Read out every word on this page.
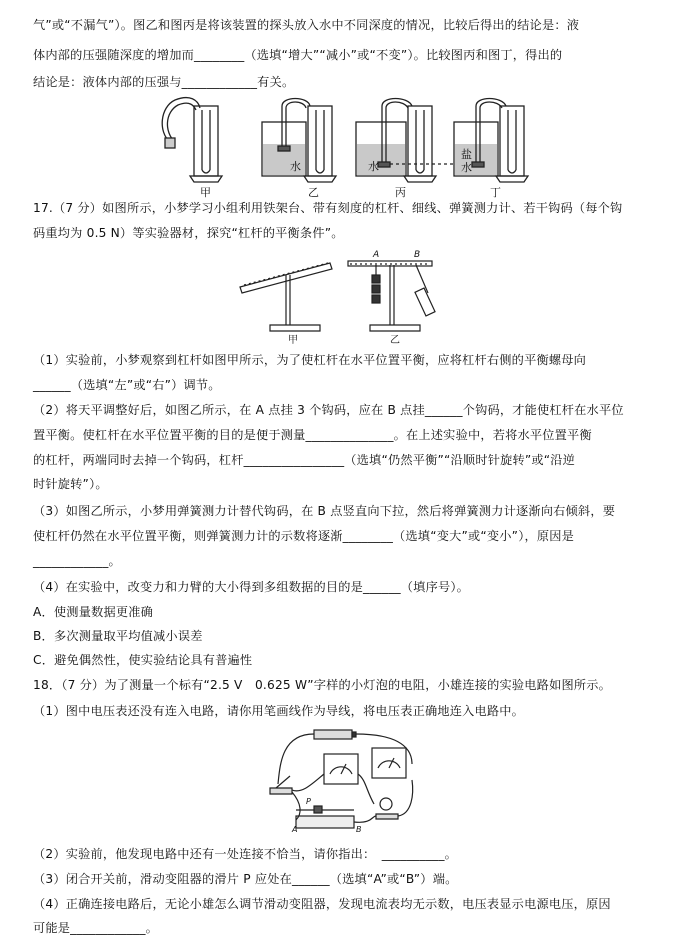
气”或“不漏气”）。图乙和图丙是将该装置的探头放入水中不同深度的情况，比较后得出的结论是：液
体内部的压强随深度的增加而________（选填“增大”“减小”或“不变”）。比较图丙和图丁，得出的
结论是：液体内部的压强与____________有关。
水	水
盐
水
甲	乙	丙	丁
17.（7 分）如图所示，小梦学习小组利用铁架台、带有刻度的杠杆、细线、弹簧测力计、若干钩码（每个钩
码重均为 0.5 N）等实验器材，探究“杠杆的平衡条件”。
A	B
甲	乙
（1）实验前，小梦观察到杠杆如图甲所示，为了使杠杆在水平位置平衡，应将杠杆右侧的平衡螺母向
______（选填“左”或“右”）调节。
（2）将天平调整好后，如图乙所示，在 A 点挂 3 个钩码，应在 B 点挂______个钩码，才能使杠杆在水平位
置平衡。使杠杆在水平位置平衡的目的是便于测量______________。在上述实验中，若将水平位置平衡
的杠杆，两端同时去掉一个钩码，杠杆________________（选填“仍然平衡”“沿顺时针旋转”或“沿逆
时针旋转”）。
（3）如图乙所示，小梦用弹簧测力计替代钩码，在 B 点竖直向下拉，然后将弹簧测力计逐渐向右倾斜，要
使杠杆仍然在水平位置平衡，则弹簧测力计的示数将逐渐________（选填“变大”或“变小”），原因是
____________。
（4）在实验中，改变力和力臂的大小得到多组数据的目的是______（填序号）。
A．使测量数据更准确
B．多次测量取平均值减小误差
C．避免偶然性，使实验结论具有普遍性
18．（7 分）为了测量一个标有“2.5 V　0.625 W”字样的小灯泡的电阻，小雄连接的实验电路如图所示。
（1）图中电压表还没有连入电路，请你用笔画线作为导线，将电压表正确地连入电路中。
P
A	B
（2）实验前，他发现电路中还有一处连接不恰当，请你指出：　__________。
（3）闭合开关前，滑动变阻器的滑片 P 应处在______（选填“A”或“B”）端。
（4）正确连接电路后，无论小雄怎么调节滑动变阻器，发现电流表均无示数，电压表显示电源电压，原因
可能是____________。
